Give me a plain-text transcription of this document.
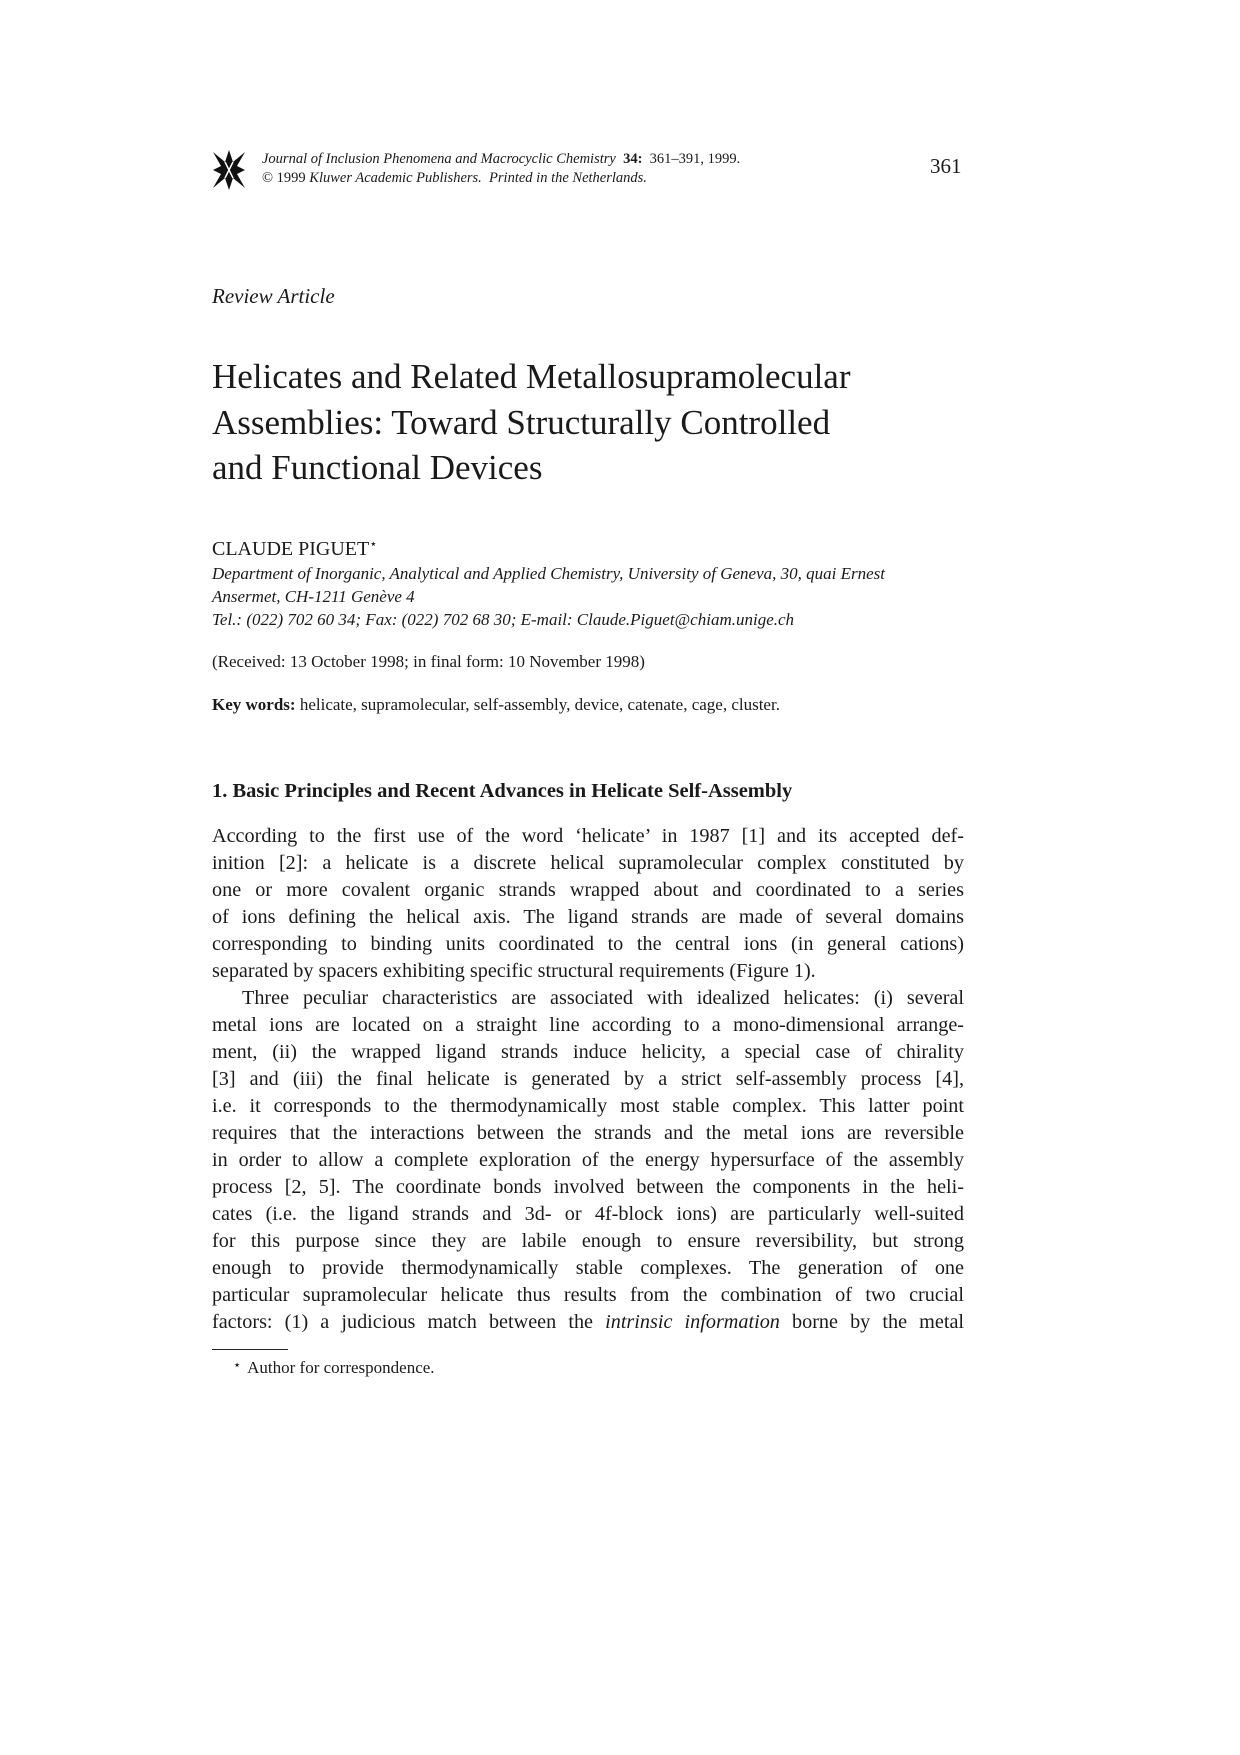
Journal of Inclusion Phenomena and Macrocyclic Chemistry 34: 361–391, 1999.
© 1999 Kluwer Academic Publishers. Printed in the Netherlands.	361
Review Article
Helicates and Related Metallosupramolecular
Assemblies: Toward Structurally Controlled
and Functional Devices
CLAUDE PIGUET⋆
Department of Inorganic, Analytical and Applied Chemistry, University of Geneva, 30, quai Ernest
Ansermet, CH-1211 Genève 4
Tel.: (022) 702 60 34; Fax: (022) 702 68 30; E-mail: Claude.Piguet@chiam.unige.ch
(Received: 13 October 1998; in final form: 10 November 1998)
Key words: helicate, supramolecular, self-assembly, device, catenate, cage, cluster.
1. Basic Principles and Recent Advances in Helicate Self-Assembly
According to the first use of the word ‘helicate’ in 1987 [1] and its accepted def-
inition [2]: a helicate is a discrete helical supramolecular complex constituted by
one or more covalent organic strands wrapped about and coordinated to a series
of ions defining the helical axis. The ligand strands are made of several domains
corresponding to binding units coordinated to the central ions (in general cations)
separated by spacers exhibiting specific structural requirements (Figure 1).
Three peculiar characteristics are associated with idealized helicates: (i) several
metal ions are located on a straight line according to a mono-dimensional arrange-
ment, (ii) the wrapped ligand strands induce helicity, a special case of chirality
[3] and (iii) the final helicate is generated by a strict self-assembly process [4],
i.e. it corresponds to the thermodynamically most stable complex. This latter point
requires that the interactions between the strands and the metal ions are reversible
in order to allow a complete exploration of the energy hypersurface of the assembly
process [2, 5]. The coordinate bonds involved between the components in the heli-
cates (i.e. the ligand strands and 3d- or 4f-block ions) are particularly well-suited
for this purpose since they are labile enough to ensure reversibility, but strong
enough to provide thermodynamically stable complexes. The generation of one
particular supramolecular helicate thus results from the combination of two crucial
factors: (1) a judicious match between the intrinsic information borne by the metal
⋆ Author for correspondence.
